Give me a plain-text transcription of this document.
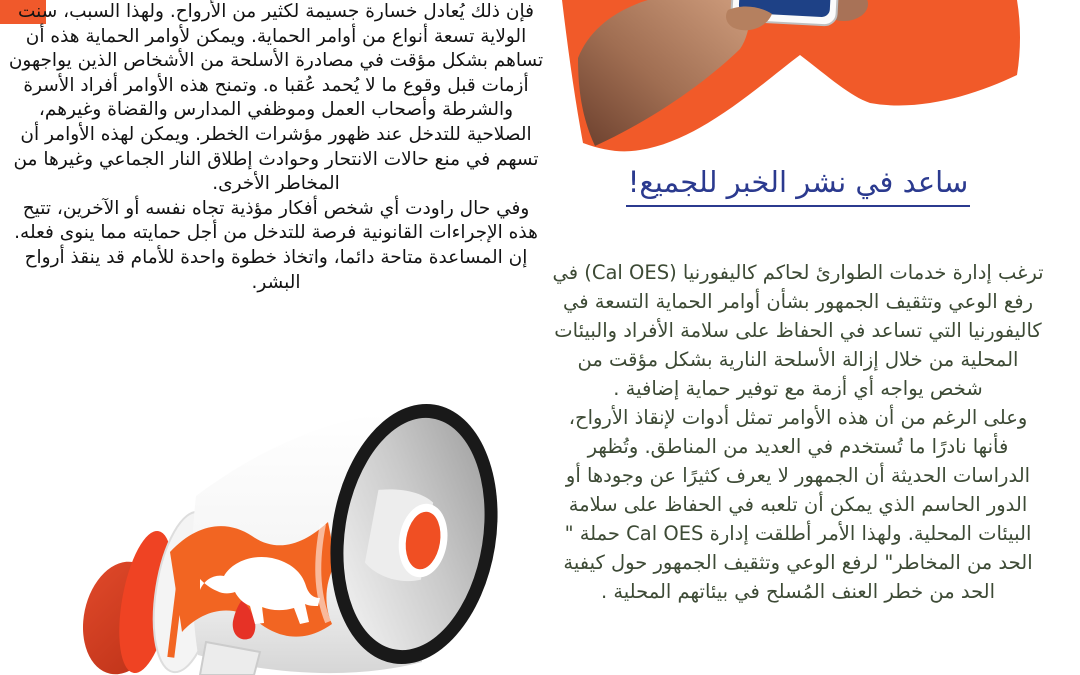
فإن ذلك يُعادل خسارة جسيمة لكثير من الأرواح. ولهذا السبب، سنت الولاية تسعة أنواع من أوامر الحماية. ويمكن لأوامر الحماية هذه أن تساهم بشكل مؤقت في مصادرة الأسلحة من الأشخاص الذين يواجهون أزمات قبل وقوع ما لا يُحمد عُقبا ه. وتمنح هذه الأوامر أفراد الأسرة والشرطة وأصحاب العمل وموظفي المدارس والقضاة وغيرهم، الصلاحية للتدخل عند ظهور مؤشرات الخطر. ويمكن لهذه الأوامر أن تسهم في منع حالات الانتحار وحوادث إطلاق النار الجماعي وغيرها من المخاطر الأخرى.

وفي حال راودت أي شخص أفكار مؤذية تجاه نفسه أو الآخرين، تتيح هذه الإجراءات القانونية فرصة للتدخل من أجل حمايته مما ينوى فعله. إن المساعدة متاحة دائما، واتخاذ خطوة واحدة للأمام قد ينقذ أرواح البشر.

ساعد في نشر الخبر للجميع!

ترغب إدارة خدمات الطوارئ لحاكم كاليفورنيا (Cal OES) في رفع الوعي وتثقيف الجمهور بشأن أوامر الحماية التسعة في كاليفورنيا التي تساعد في الحفاظ على سلامة الأفراد والبيئات المحلية من خلال إزالة الأسلحة النارية بشكل مؤقت من شخص يواجه أي أزمة مع توفير حماية إضافية .

وعلى الرغم من أن هذه الأوامر تمثل أدوات لإنقاذ الأرواح، فأنها نادرًا ما تُستخدم في العديد من المناطق. وتُظهر الدراسات الحديثة أن الجمهور لا يعرف كثيرًا عن وجودها أو الدور الحاسم الذي يمكن أن تلعبه في الحفاظ على سلامة البيئات المحلية. ولهذا الأمر أطلقت إدارة Cal OES حملة " الحد من المخاطر" لرفع الوعي وتثقيف الجمهور حول كيفية الحد من خطر العنف المُسلح في بيئاتهم المحلية .
